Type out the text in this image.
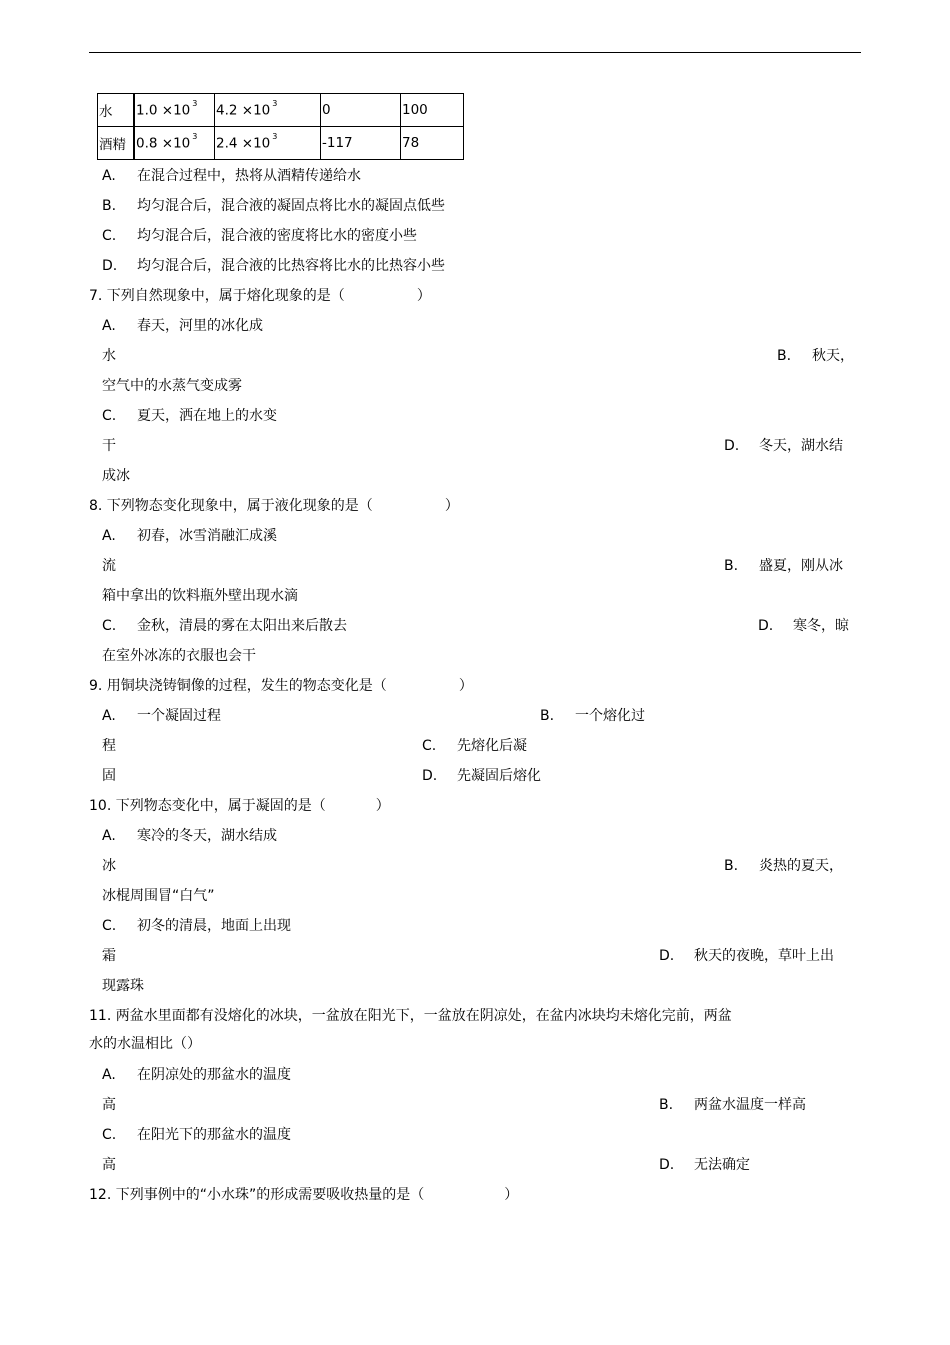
水	1.0 ×10 $^3$	4.2 ×10 $^3$	0	100
酒精	0.8 ×10 $^3$	2.4 ×10 $^3$	-117	78
A. 在混合过程中，热将从酒精传递给水
B. 均匀混合后，混合液的凝固点将比水的凝固点低些
C. 均匀混合后，混合液的密度将比水的密度小些
D. 均匀混合后，混合液的比热容将比水的比热容小些
7. 下列自然现象中，属于熔化现象的是（	）
A. 春天，河里的冰化成
水	B. 秋天，
空气中的水蒸气变成雾
C. 夏天，洒在地上的水变
干	D. 冬天，湖水结
成冰
8. 下列物态变化现象中，属于液化现象的是（	）
A. 初春，冰雪消融汇成溪
流	B. 盛夏，刚从冰
箱中拿出的饮料瓶外壁出现水滴
C. 金秋，清晨的雾在太阳出来后散去	D. 寒冬，晾
在室外冰冻的衣服也会干
9. 用铜块浇铸铜像的过程，发生的物态变化是（	）
A. 一个凝固过程	B. 一个熔化过
程	C. 先熔化后凝
固	D. 先凝固后熔化
10. 下列物态变化中，属于凝固的是（	）
A. 寒冷的冬天，湖水结成
冰	B. 炎热的夏天，
冰棍周围冒“白气”
C. 初冬的清晨，地面上出现
霜	D. 秋天的夜晚，草叶上出
现露珠
11. 两盆水里面都有没熔化的冰块，一盆放在阳光下，一盆放在阴凉处，在盆内冰块均未熔化完前，两盆
水的水温相比（）
A. 在阴凉处的那盆水的温度
高	B. 两盆水温度一样高
C. 在阳光下的那盆水的温度
高	D. 无法确定
12. 下列事例中的“小水珠”的形成需要吸收热量的是（	）
